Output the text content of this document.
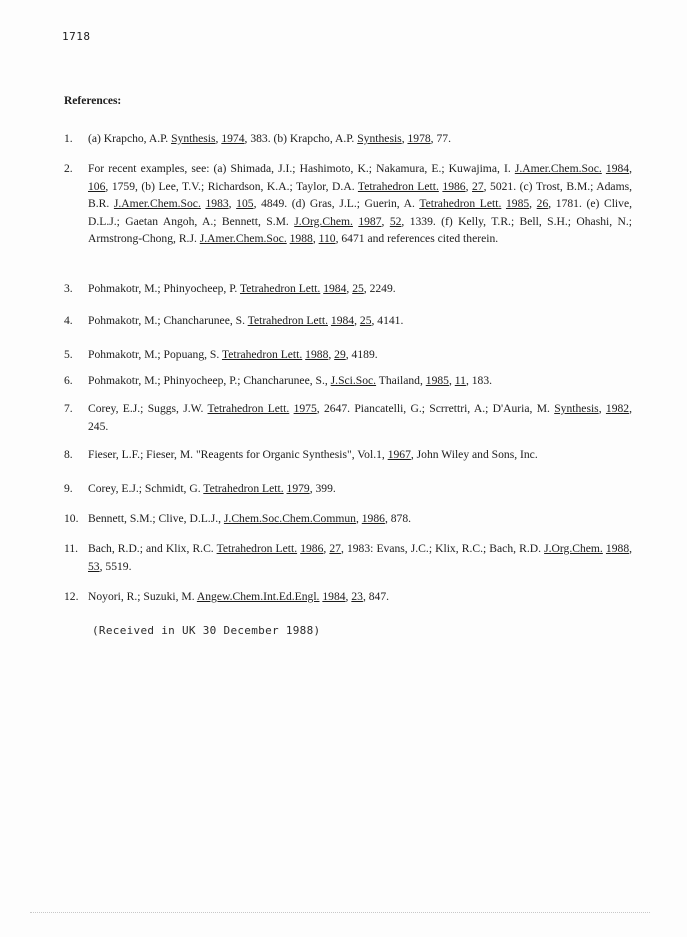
1718
References:
1.	(a) Krapcho, A.P. Synthesis, 1974, 383. (b) Krapcho, A.P. Synthesis, 1978, 77.
2.	For recent examples, see: (a) Shimada, J.I.; Hashimoto, K.; Nakamura, E.; Kuwajima, I. J.Amer.Chem.Soc. 1984, 106, 1759, (b) Lee, T.V.; Richardson, K.A.; Taylor, D.A. Tetrahedron Lett. 1986, 27, 5021. (c) Trost, B.M.; Adams, B.R. J.Amer.Chem.Soc. 1983, 105, 4849. (d) Gras, J.L.; Guerin, A. Tetrahedron Lett. 1985, 26, 1781. (e) Clive, D.L.J.; Gaetan Angoh, A.; Bennett, S.M. J.Org.Chem. 1987, 52, 1339. (f) Kelly, T.R.; Bell, S.H.; Ohashi, N.; Armstrong-Chong, R.J. J.Amer.Chem.Soc. 1988, 110, 6471 and references cited therein.
3.	Pohmakotr, M.; Phinyocheep, P. Tetrahedron Lett. 1984, 25, 2249.
4.	Pohmakotr, M.; Chancharunee, S. Tetrahedron Lett. 1984, 25, 4141.
5.	Pohmakotr, M.; Popuang, S. Tetrahedron Lett. 1988, 29, 4189.
6.	Pohmakotr, M.; Phinyocheep, P.; Chancharunee, S., J.Sci.Soc. Thailand, 1985, 11, 183.
7.	Corey, E.J.; Suggs, J.W. Tetrahedron Lett. 1975, 2647. Piancatelli, G.; Scrrettri, A.; D'Auria, M. Synthesis, 1982, 245.
8.	Fieser, L.F.; Fieser, M. "Reagents for Organic Synthesis", Vol.1, 1967, John Wiley and Sons, Inc.
9.	Corey, E.J.; Schmidt, G. Tetrahedron Lett. 1979, 399.
10. Bennett, S.M.; Clive, D.L.J., J.Chem.Soc.Chem.Commun, 1986, 878.
11. Bach, R.D.; and Klix, R.C. Tetrahedron Lett. 1986, 27, 1983: Evans, J.C.; Klix, R.C.; Bach, R.D. J.Org.Chem. 1988, 53, 5519.
12. Noyori, R.; Suzuki, M. Angew.Chem.Int.Ed.Engl. 1984, 23, 847.
(Received in UK 30 December 1988)
